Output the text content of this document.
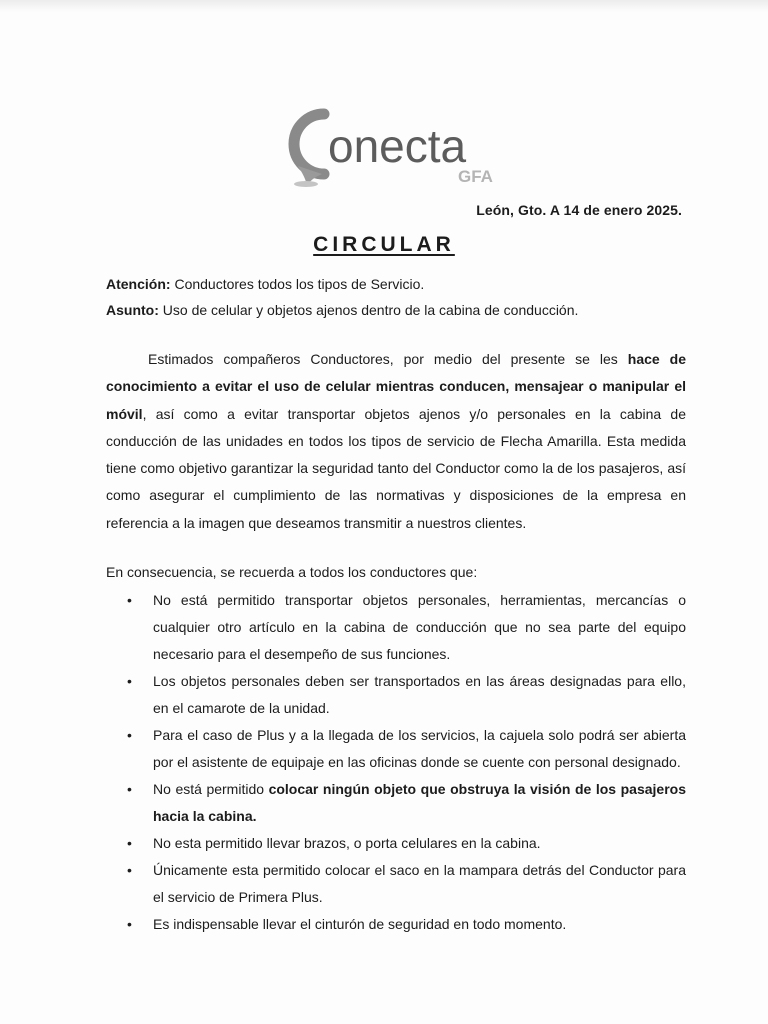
onecta
GFA
León, Gto. A 14 de enero 2025.
CIRCULAR
Atención: Conductores todos los tipos de Servicio.
Asunto: Uso de celular y objetos ajenos dentro de la cabina de conducción.
Estimados compañeros Conductores, por medio del presente se les hace de conocimiento a evitar el uso de celular mientras conducen, mensajear o manipular el móvil, así como a evitar transportar objetos ajenos y/o personales en la cabina de conducción de las unidades en todos los tipos de servicio de Flecha Amarilla. Esta medida tiene como objetivo garantizar la seguridad tanto del Conductor como la de los pasajeros, así como asegurar el cumplimiento de las normativas y disposiciones de la empresa en referencia a la imagen que deseamos transmitir a nuestros clientes.
En consecuencia, se recuerda a todos los conductores que:
• No está permitido transportar objetos personales, herramientas, mercancías o cualquier otro artículo en la cabina de conducción que no sea parte del equipo necesario para el desempeño de sus funciones.
• Los objetos personales deben ser transportados en las áreas designadas para ello, en el camarote de la unidad.
• Para el caso de Plus y a la llegada de los servicios, la cajuela solo podrá ser abierta por el asistente de equipaje en las oficinas donde se cuente con personal designado.
• No está permitido colocar ningún objeto que obstruya la visión de los pasajeros hacia la cabina.
• No esta permitido llevar brazos, o porta celulares en la cabina.
• Únicamente esta permitido colocar el saco en la mampara detrás del Conductor para el servicio de Primera Plus.
• Es indispensable llevar el cinturón de seguridad en todo momento.
